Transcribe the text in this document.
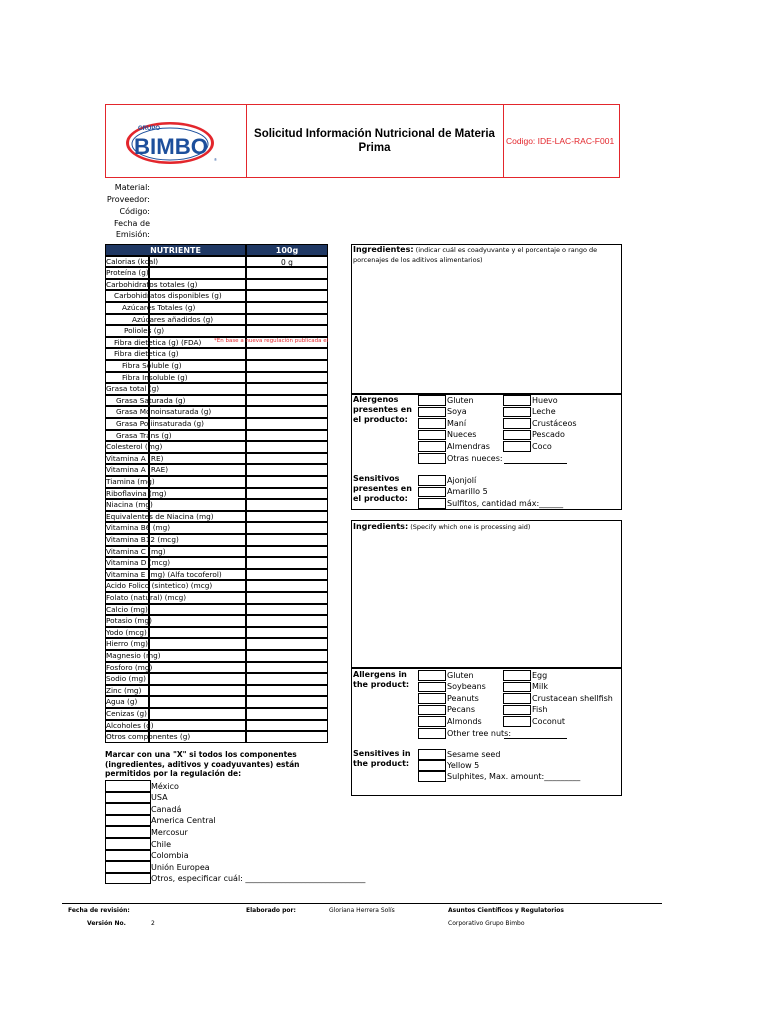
GRUPO
BIMBO
®
Solicitud Información Nutricional de Materia Prima
Codigo: IDE-LAC-RAC-F001
Material:
Proveedor:
Código:
Fecha de
Emisión:
NUTRIENTE	100g
Calorias (kcal)	0 g
Proteína (g)
Carbohidratos totales (g)
Carbohidratos disponibles (g)
Azúcares Totales (g)
Azúcares añadidos (g)
Polioles (g)
Fibra dietetica (g) (FDA)
Fibra dietetica (g)
Fibra Soluble (g)
Fibra Insoluble (g)
Grasa total (g)
Grasa Saturada (g)
Grasa Monoinsaturada (g)
Grasa Poliinsaturada (g)
Grasa Trans (g)
Colesterol (mg)
Vitamina A (RE)
Vitamina A (RAE)
Tiamina (mg)
Riboflavina (mg)
Niacina (mg)
Equivalentes de Niacina (mg)
Vitamina B6 (mg)
Vitamina B12 (mcg)
Vitamina C (mg)
Vitamina D (mcg)
Vitamina E (mg) (Alfa tocoferol)
Acido Folico (sintetico) (mcg)
Folato (natural) (mcg)
Calcio (mg)
Potasio (mg)
Yodo (mcg)
Hierro (mg)
Magnesio (mg)
Fosforo (mg)
Sodio (mg)
Zinc (mg)
Agua (g)
Cenizas (g)
Alcoholes (g)
Otros componentes (g)
*En base a nueva regulación publicada el
Marcar con una "X" si todos los componentes (ingredientes, aditivos y coadyuvantes) están permitidos por la regulación de:
México
USA
Canadá
America Central
Mercosur
Chile
Colombia
Unión Europea
Otros, especificar cuál: ______________________________
Ingredientes: (indicar cuál es coadyuvante y el porcentaje o rango de porcenajes de los aditivos alimentarios)
Alergenos presentes en el producto:
Gluten
Soya
Maní
Nueces
Almendras
Otras nueces:
Huevo
Leche
Crustáceos
Pescado
Coco
Sensitivos presentes en el producto:
Ajonjolí
Amarillo 5
Sulfitos, cantidad máx:______
Ingredients: (Specify which one is processing aid)
Allergens in the product:
Gluten
Soybeans
Peanuts
Pecans
Almonds
Other tree nuts:
Egg
Milk
Crustacean shellfish
Fish
Coconut
Sensitives in the product:
Sesame seed
Yellow 5
Sulphites, Max. amount:_________
Fecha de revisión:
Versión No.	2
Elaborado por:	Gloriana Herrera Solís	Asuntos Científicos y Regulatorios
Corporativo Grupo Bimbo
